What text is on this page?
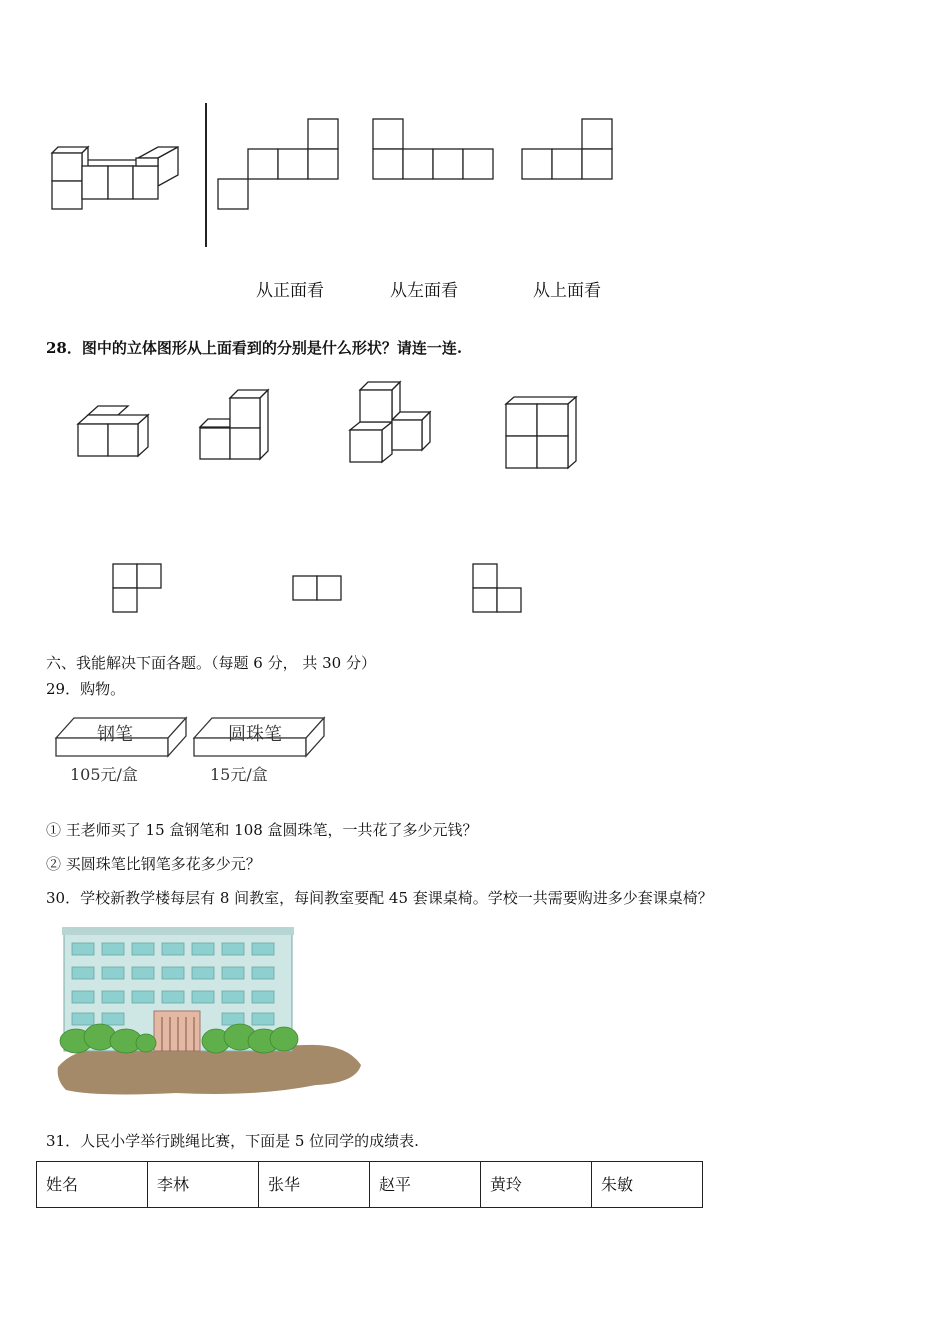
从正面看	从左面看	从上面看
28．图中的立体图形从上面看到的分别是什么形状？请连一连.
六、我能解决下面各题。（每题 6 分， 共 30 分）
29．购物。
钢笔
105元/盒
圆珠笔
15元/盒
① 王老师买了 15 盒钢笔和 108 盒圆珠笔，一共花了多少元钱？
② 买圆珠笔比钢笔多花多少元？
30．学校新教学楼每层有 8 间教室，每间教室要配 45 套课桌椅。学校一共需要购进多少套课桌椅？
31．人民小学举行跳绳比赛，下面是 5 位同学的成绩表.
姓名	李林	张华	赵平	黄玲	朱敏
